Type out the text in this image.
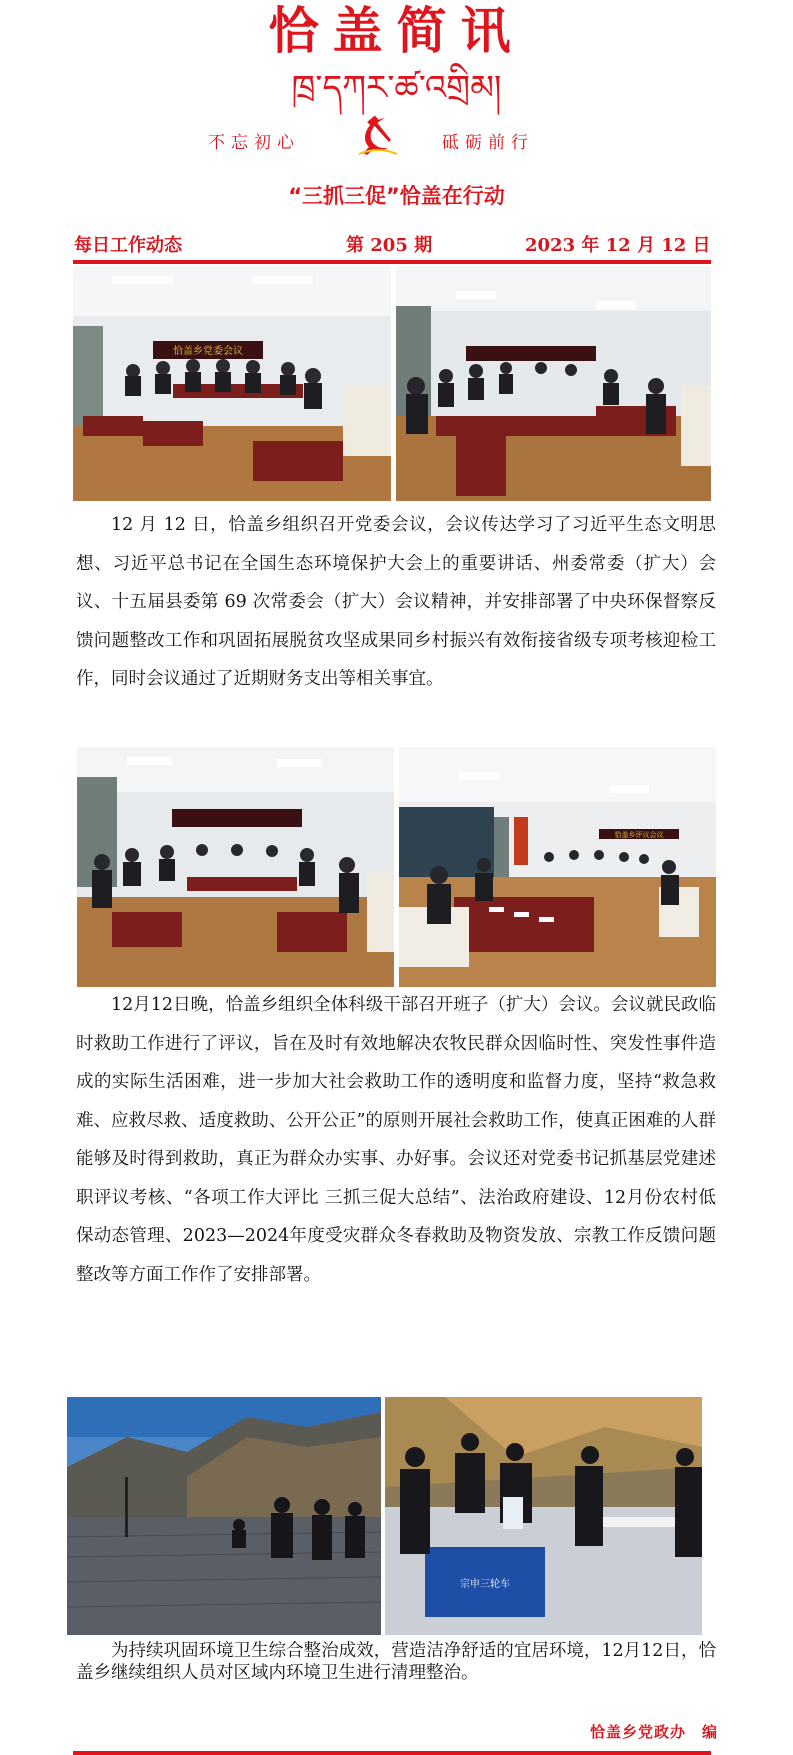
恰盖简讯
ཁྲ་དཀར་ཚ་འགྲིམ།
不忘初心	砥砺前行
“三抓三促”恰盖在行动
每日工作动态	第 205 期	2023 年 12 月 12 日
恰盖乡党委会议
12 月 12 日，恰盖乡组织召开党委会议，会议传达学习了习近平生态文明思想、习近平总书记在全国生态环境保护大会上的重要讲话、州委常委（扩大）会议、十五届县委第 69 次常委会（扩大）会议精神，并安排部署了中央环保督察反馈问题整改工作和巩固拓展脱贫攻坚成果同乡村振兴有效衔接省级专项考核迎检工作，同时会议通过了近期财务支出等相关事宜。
恰盖乡评议会议
12月12日晚，恰盖乡组织全体科级干部召开班子（扩大）会议。会议就民政临时救助工作进行了评议，旨在及时有效地解决农牧民群众因临时性、突发性事件造成的实际生活困难，进一步加大社会救助工作的透明度和监督力度，坚持“救急救难、应救尽救、适度救助、公开公正”的原则开展社会救助工作，使真正困难的人群能够及时得到救助，真正为群众办实事、办好事。会议还对党委书记抓基层党建述职评议考核、“各项工作大评比 三抓三促大总结”、法治政府建设、12月份农村低保动态管理、2023—2024年度受灾群众冬春救助及物资发放、宗教工作反馈问题整改等方面工作作了安排部署。
宗申三轮车
为持续巩固环境卫生综合整治成效，营造洁净舒适的宜居环境，12月12日，恰盖乡继续组织人员对区域内环境卫生进行清理整治。
恰盖乡党政办　编
